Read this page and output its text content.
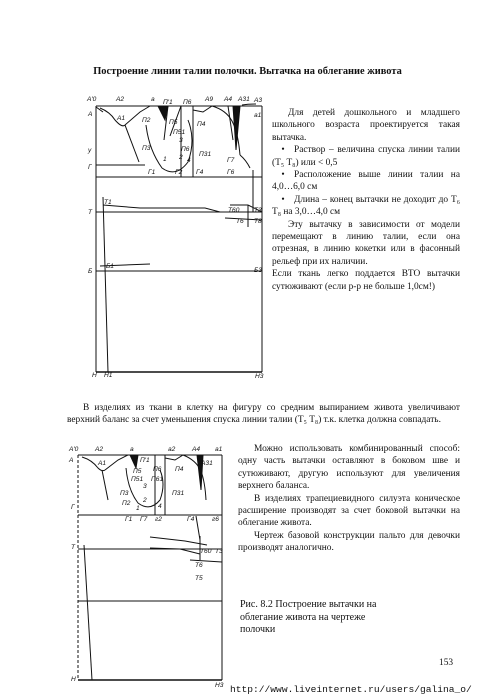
Построение линии талии полочки. Вытачка на облегание живота
A′0	A2	a П′1 П6 A9 A4 A31 A3
A
A1	П2	П5	П4
a1
П51
3
П3	П6
П31
2
1	4
у
Г7
Г
Г1	Г2 Г4	Г6
Т1
Т60
Т	Т3
Т6 Т8
Б1
Б	Б3
Н Н1	Н3
A′0	A2	a	a2	A4 a1
A	A1	П′1
П6 П4
A31
П5
П61
П51
П3	П31
П2
3
2
1	4
Г
Г1 Г7 г2	Г4	г6
Т
Т60 Т3
Т6
Т5
Н
Н3
Для детей дошкольного и младшего школьного возраста проектируется такая вытачка.
• Раствор – величина спуска линии талии (Т₅ Т₈) или < 0,5
• Расположение выше линии талии на 4,0…6,0 см
• Длина – конец вытачки не доходит до Т₆ Т₈ на 3,0…4,0 см
Эту вытачку в зависимости от модели перемещают в линию талии, если она отрезная, в линию кокетки или в фасонный рельеф при их наличии.
Если ткань легко поддается ВТО вытачки сутюживают (если р-р не больше 1,0см!)
В изделиях из ткани в клетку на фигуру со средним выпиранием живота увеличивают верхний баланс за счет уменьшения спуска линии талии (Т₅ Т₈) т.к. клетка должна совпадать.
Можно использовать комбинированный способ: одну часть вытачки оставляют в боковом шве и сутюживают, другую используют для увеличения верхнего баланса.
В изделиях трапециевидного силуэта коническое расширение производят за счет боковой вытачки на облегание живота.
Чертеж базовой конструкции пальто для девочки производят аналогично.
Рис. 8.2 Построение вытачки на облегание живота на чертеже полочки
153
http://www.liveinternet.ru/users/galina_o/
